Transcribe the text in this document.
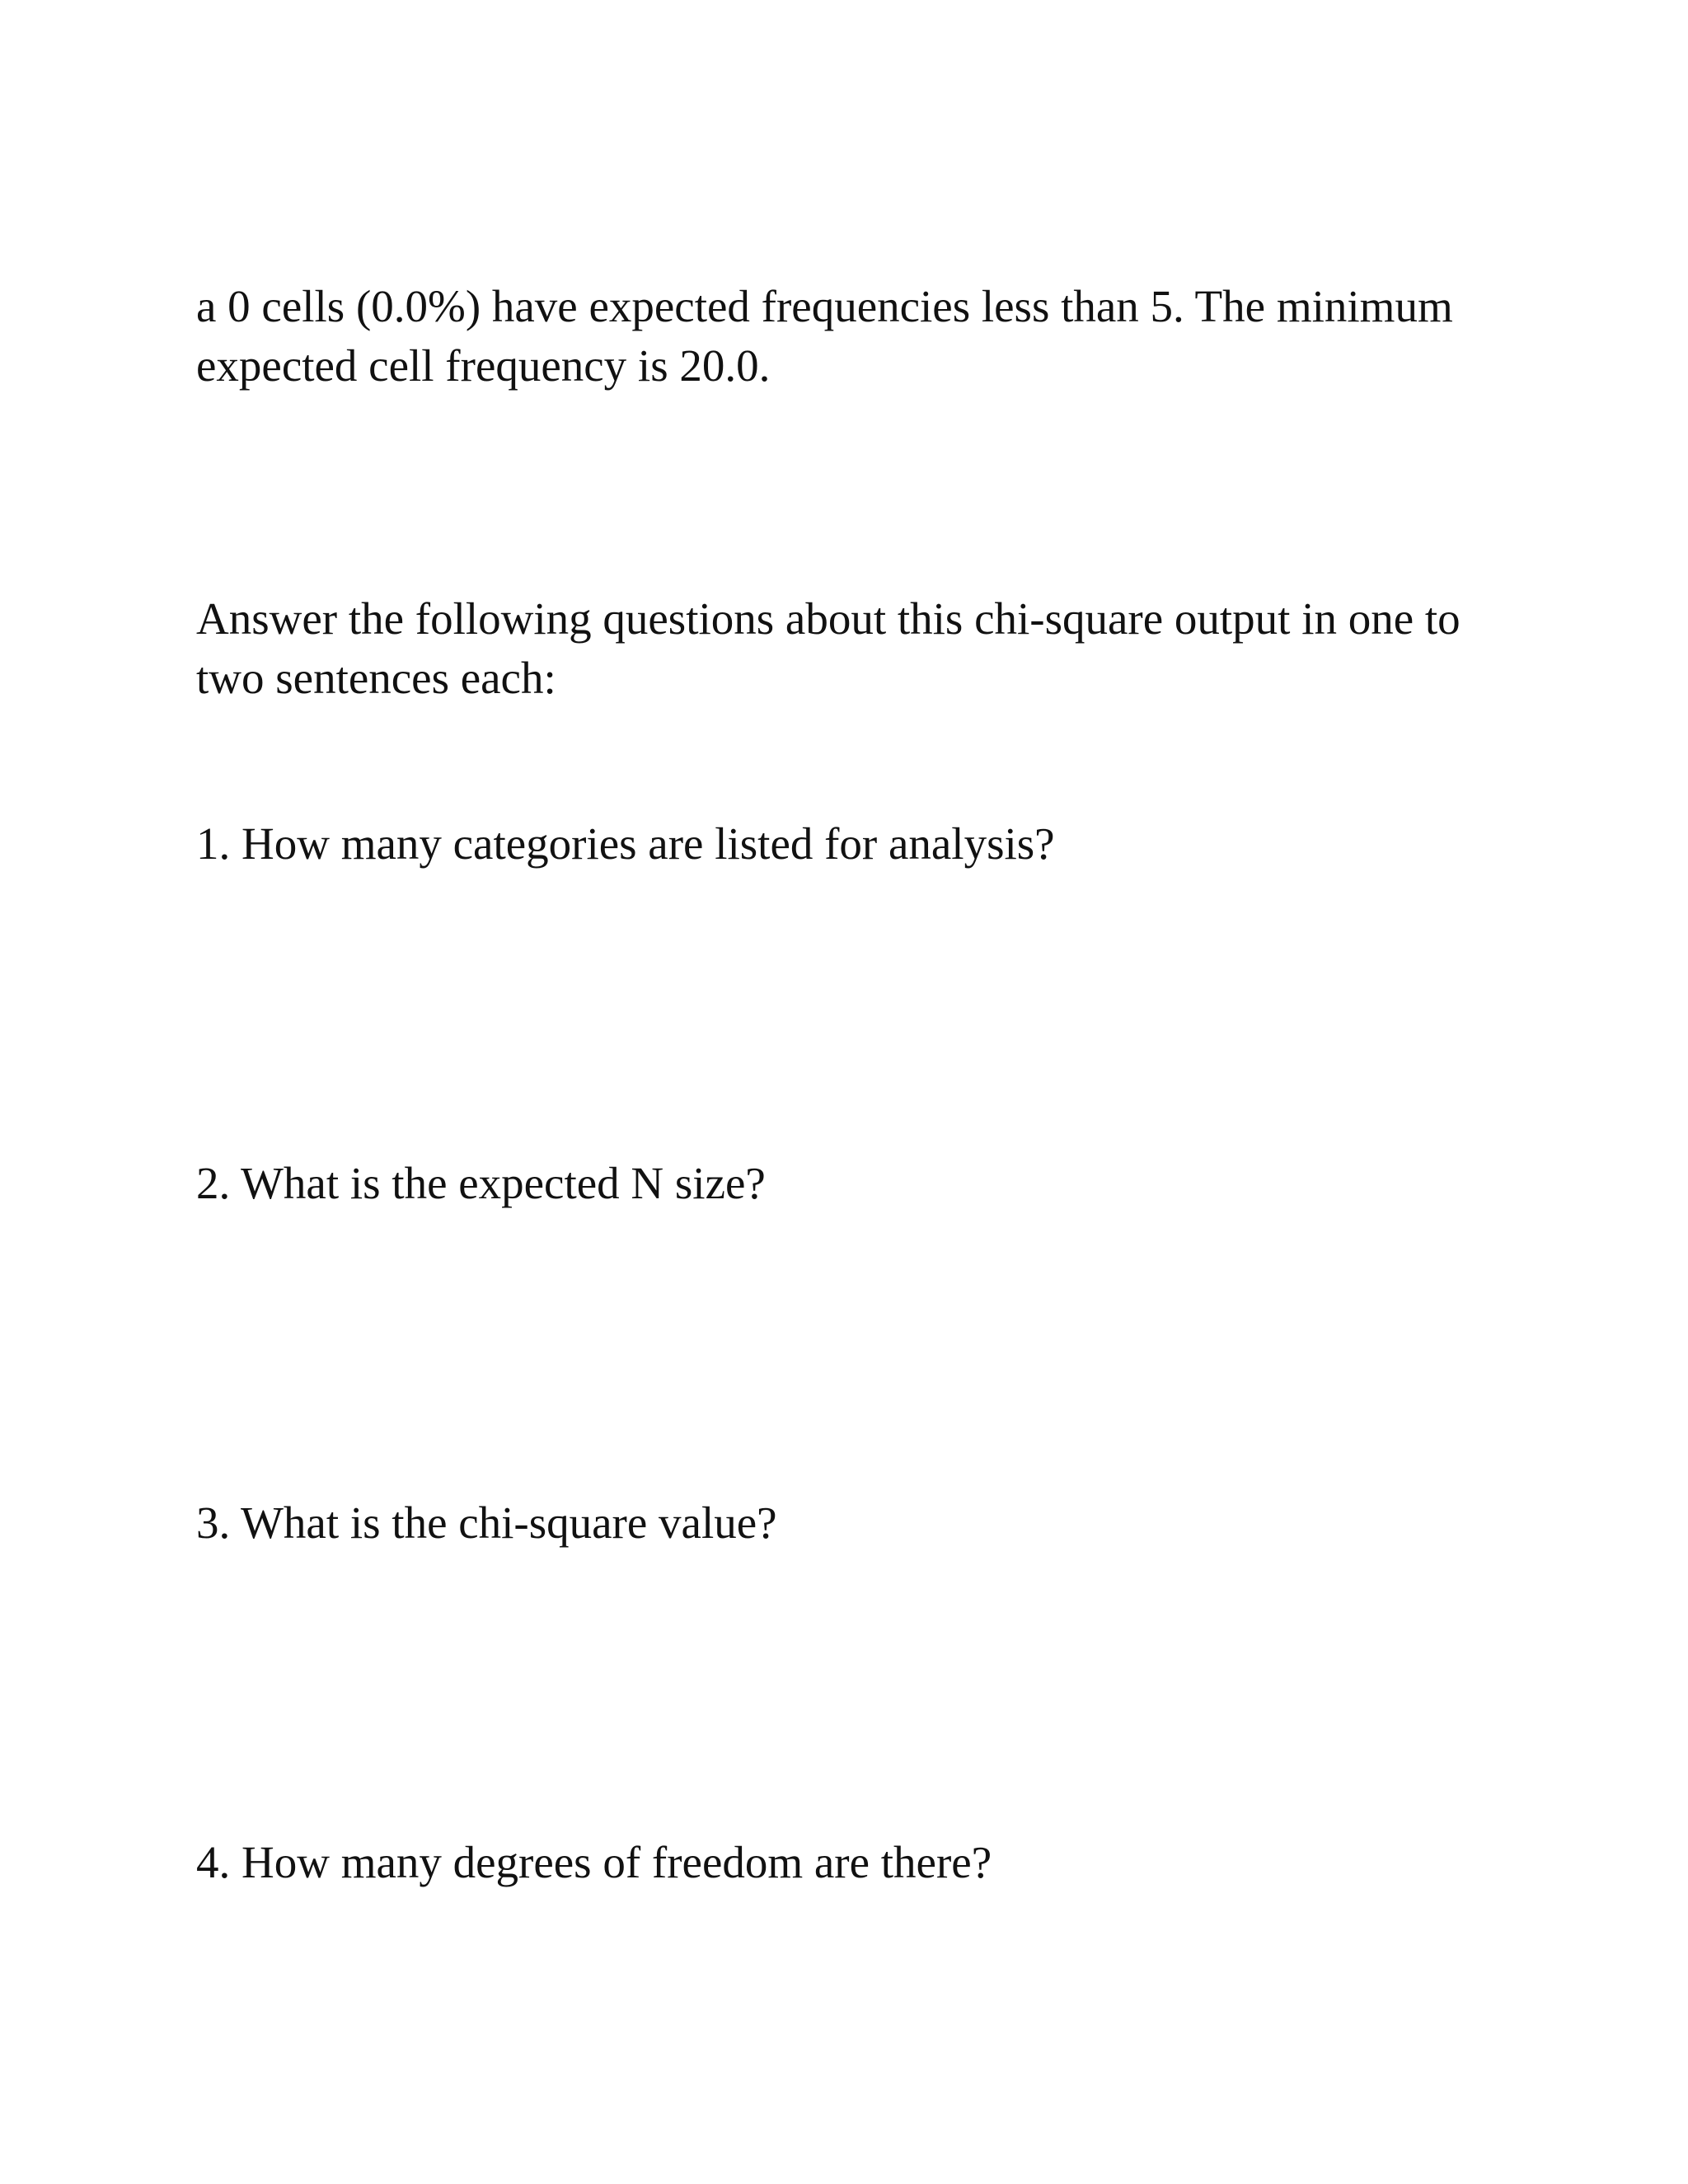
a 0 cells (0.0%) have expected frequencies less than 5. The minimum expected cell frequency is 20.0.

Answer the following questions about this chi-square output in one to two sentences each:

1. How many categories are listed for analysis?

2. What is the expected N size?

3. What is the chi-square value?

4. How many degrees of freedom are there?
